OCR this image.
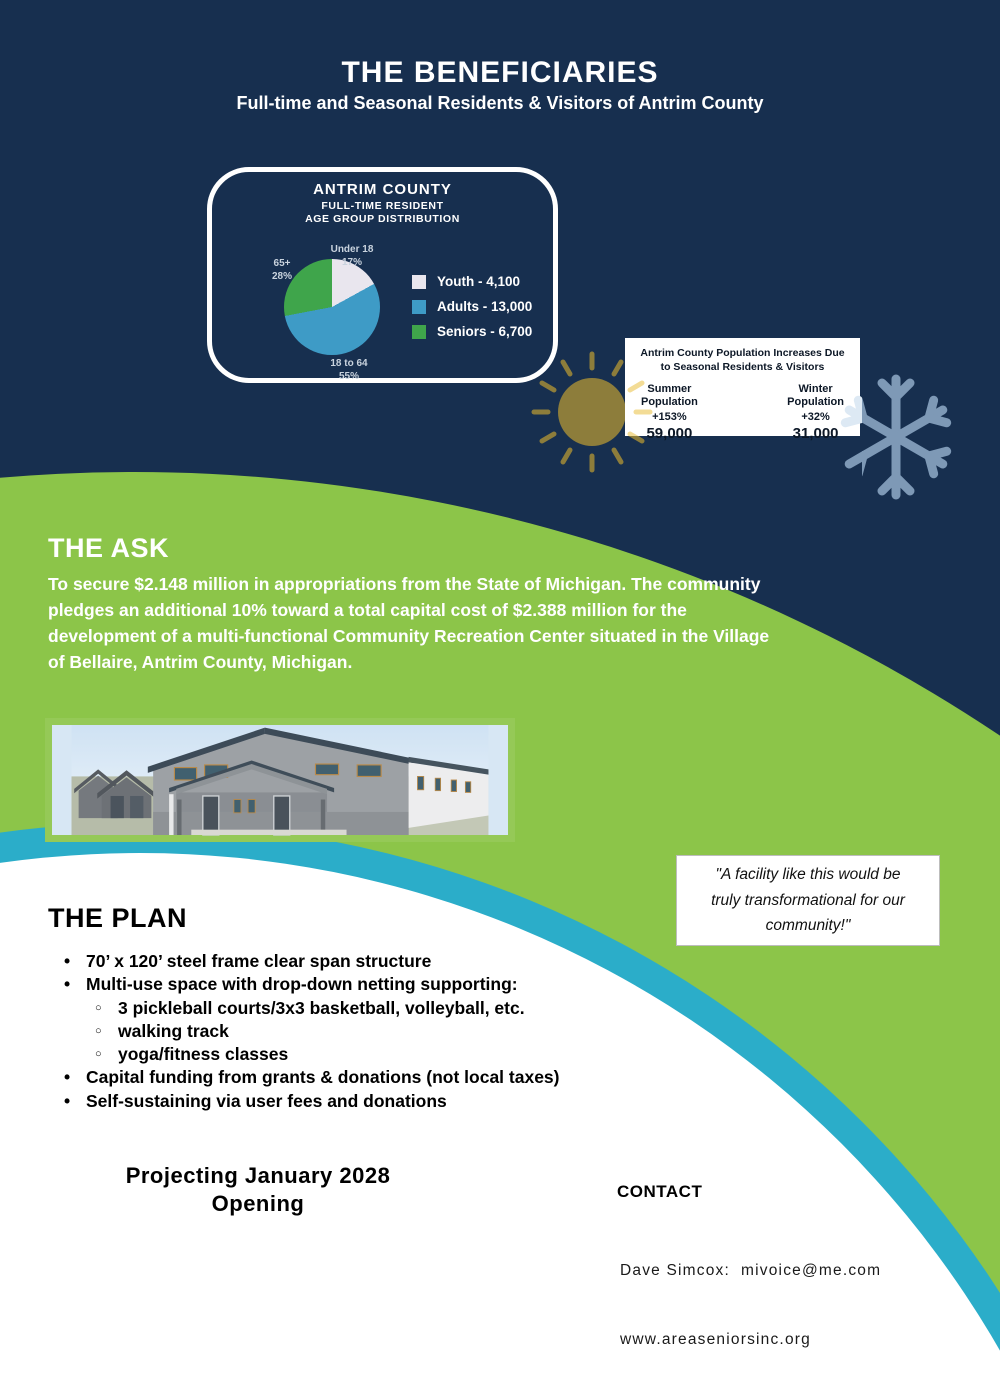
THE BENEFICIARIES
Full-time and Seasonal Residents & Visitors of Antrim County
Antrim County Population Increases Due to Seasonal Residents & Visitors
Summer
Population
+153%
59,000
Winter
Population
+32%
31,000
ANTRIM COUNTY
FULL-TIME RESIDENT
AGE GROUP DISTRIBUTION
Under 18
17%
65+
28%
18 to 64
55%
Youth - 4,100
Adults - 13,000
Seniors - 6,700
THE ASK
To secure $2.148 million in appropriations from the State of Michigan. The community pledges an additional 10% toward a total capital cost of $2.388 million for the development of a multi-functional Community Recreation Center situated in the Village of Bellaire, Antrim County, Michigan.
"A facility like this would be
truly transformational for our
community!"
THE PLAN
• 70’ x 120’ steel frame clear span structure
• Multi-use space with drop-down netting supporting:
○ 3 pickleball courts/3x3 basketball, volleyball, etc.
○ walking track
○ yoga/fitness classes
• Capital funding from grants & donations (not local taxes)
• Self-sustaining via user fees and donations
Projecting January 2028
Opening	CONTACT

Dave Simcox:  mivoice@me.com

www.areaseniorsinc.org
